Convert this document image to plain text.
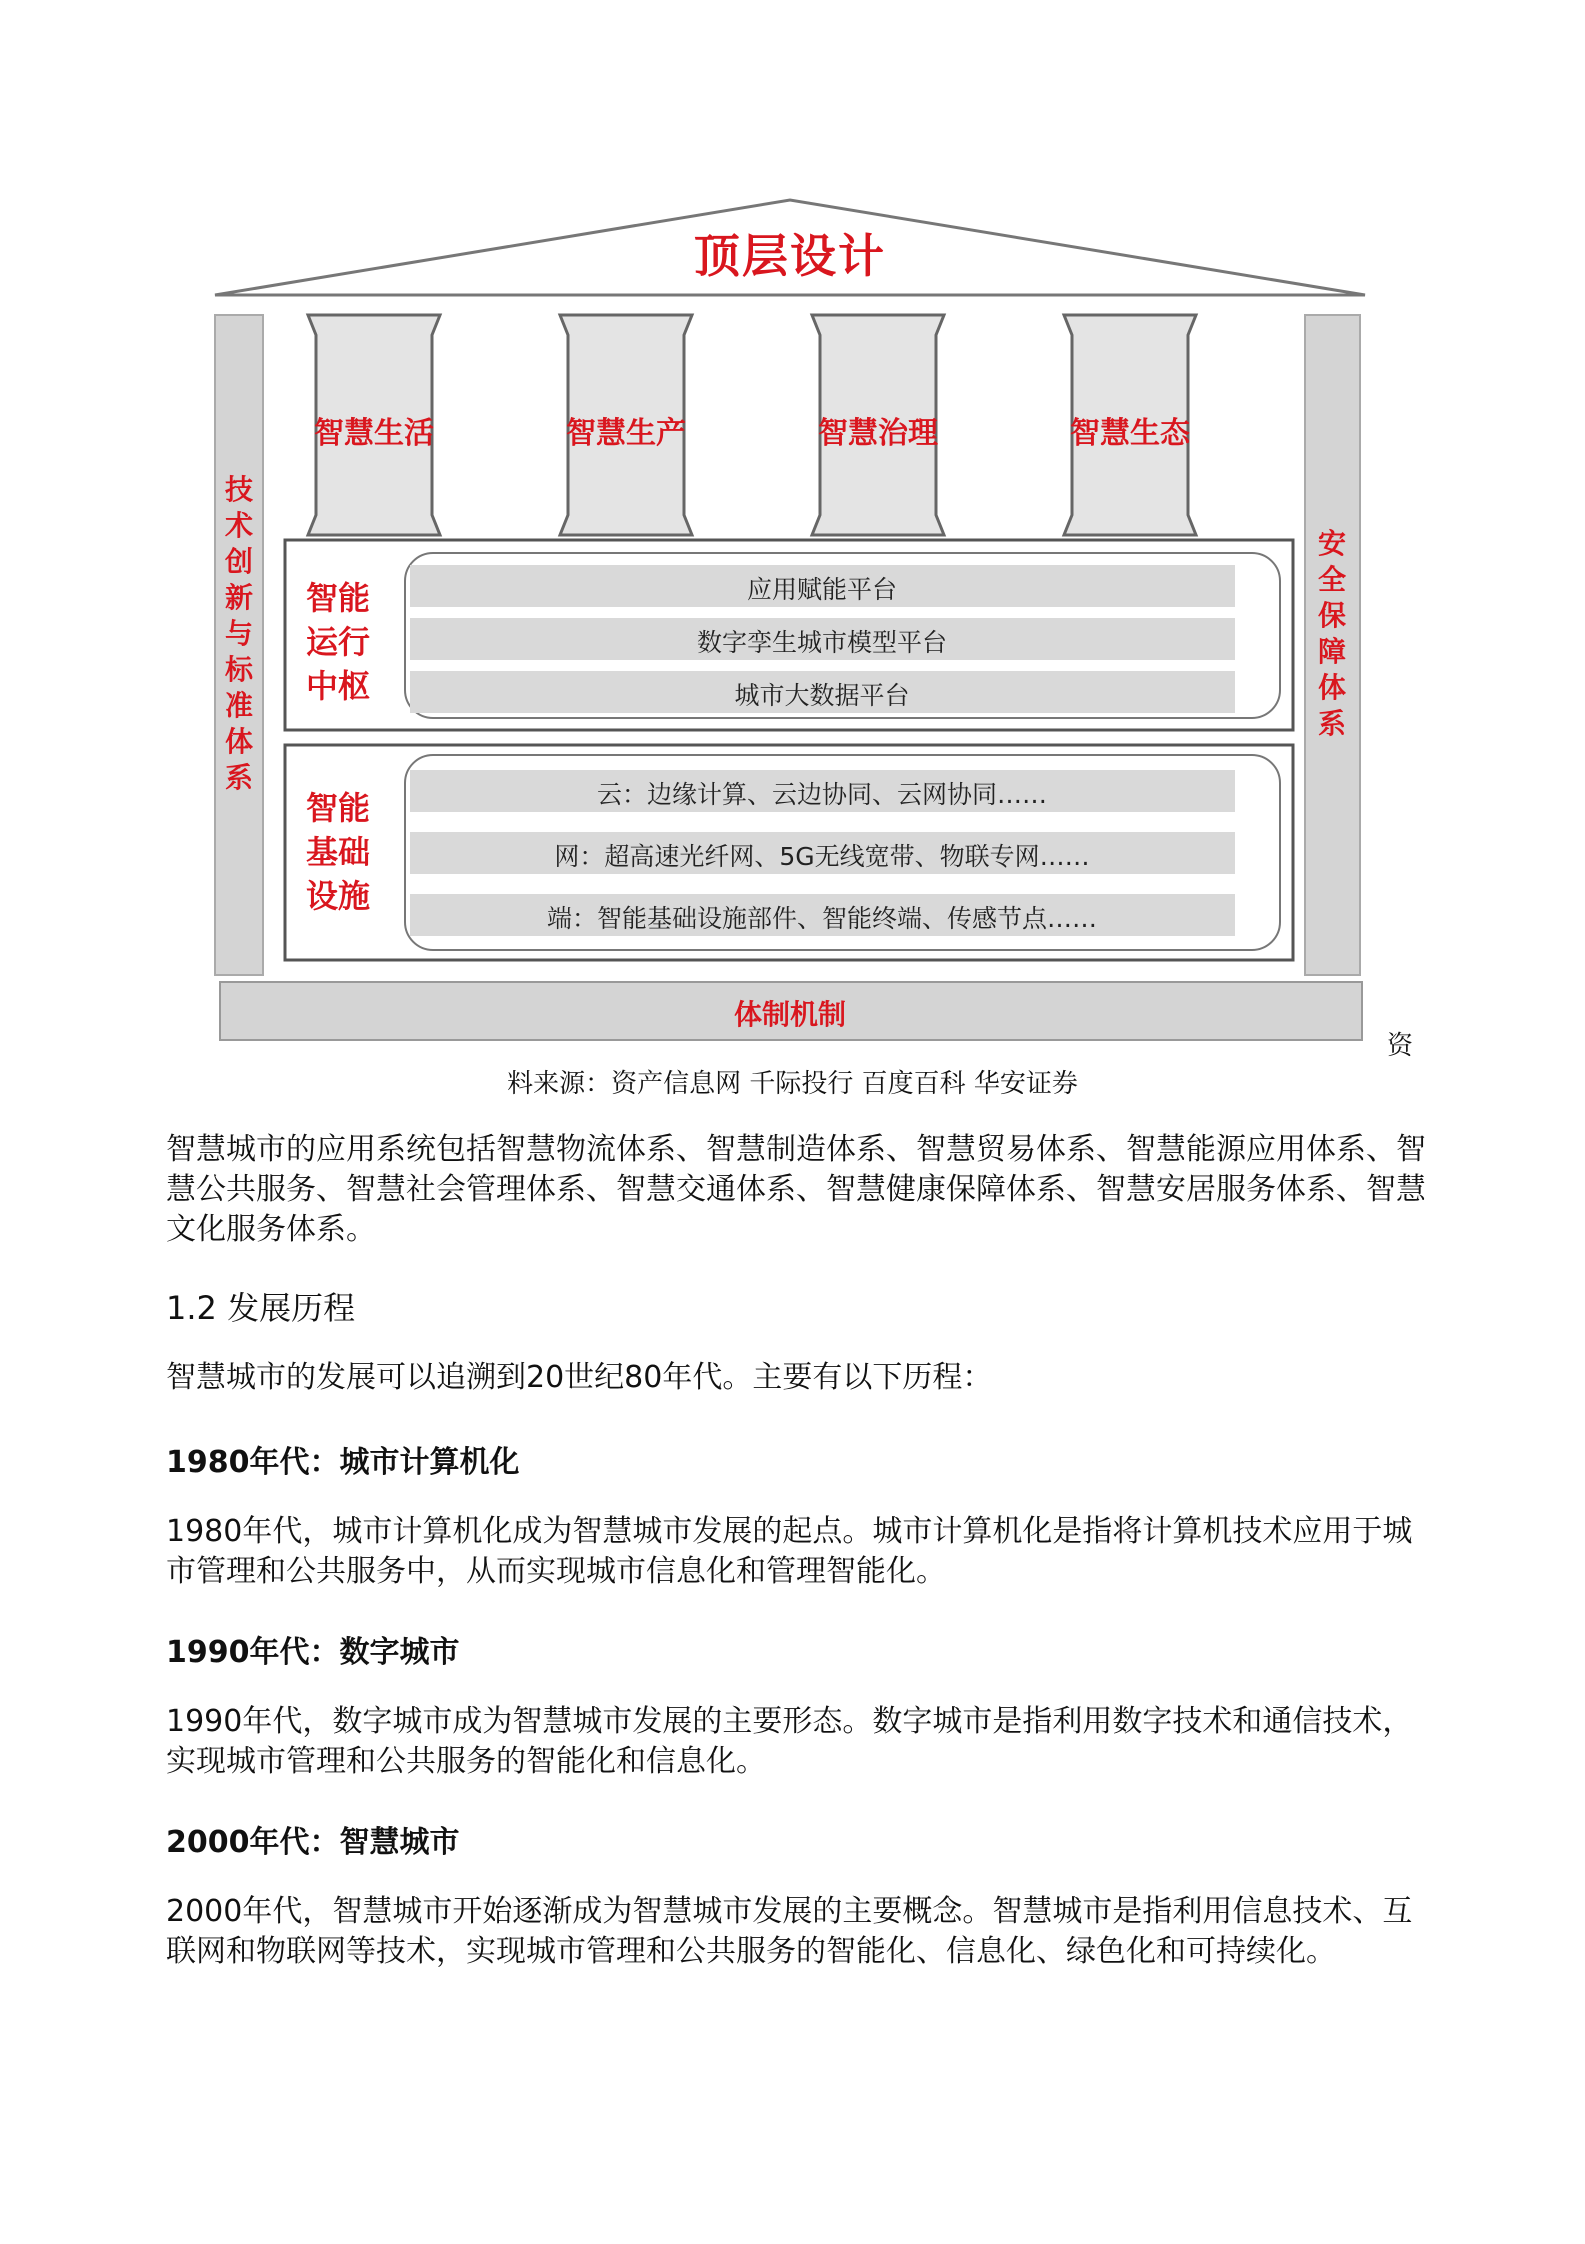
顶层设计
智慧生活	智慧生产	智慧治理	智慧生态
技术创新与标准体系
安全保障体系
智能运行中枢
应用赋能平台
数字孪生城市模型平台
城市大数据平台
智能基础设施
云：边缘计算、云边协同、云网协同……
网：超高速光纤网、5G无线宽带、物联专网……
端：智能基础设施部件、智能终端、传感节点……
体制机制
资
料来源：资产信息网 千际投行 百度百科 华安证券
智慧城市的应用系统包括智慧物流体系、智慧制造体系、智慧贸易体系、智慧能源应用体系、智慧公共服务、智慧社会管理体系、智慧交通体系、智慧健康保障体系、智慧安居服务体系、智慧文化服务体系。
1.2 发展历程
智慧城市的发展可以追溯到20世纪80年代。主要有以下历程：
1980年代：城市计算机化
1980年代，城市计算机化成为智慧城市发展的起点。城市计算机化是指将计算机技术应用于城市管理和公共服务中，从而实现城市信息化和管理智能化。
1990年代：数字城市
1990年代，数字城市成为智慧城市发展的主要形态。数字城市是指利用数字技术和通信技术，实现城市管理和公共服务的智能化和信息化。
2000年代：智慧城市
2000年代，智慧城市开始逐渐成为智慧城市发展的主要概念。智慧城市是指利用信息技术、互联网和物联网等技术，实现城市管理和公共服务的智能化、信息化、绿色化和可持续化。
